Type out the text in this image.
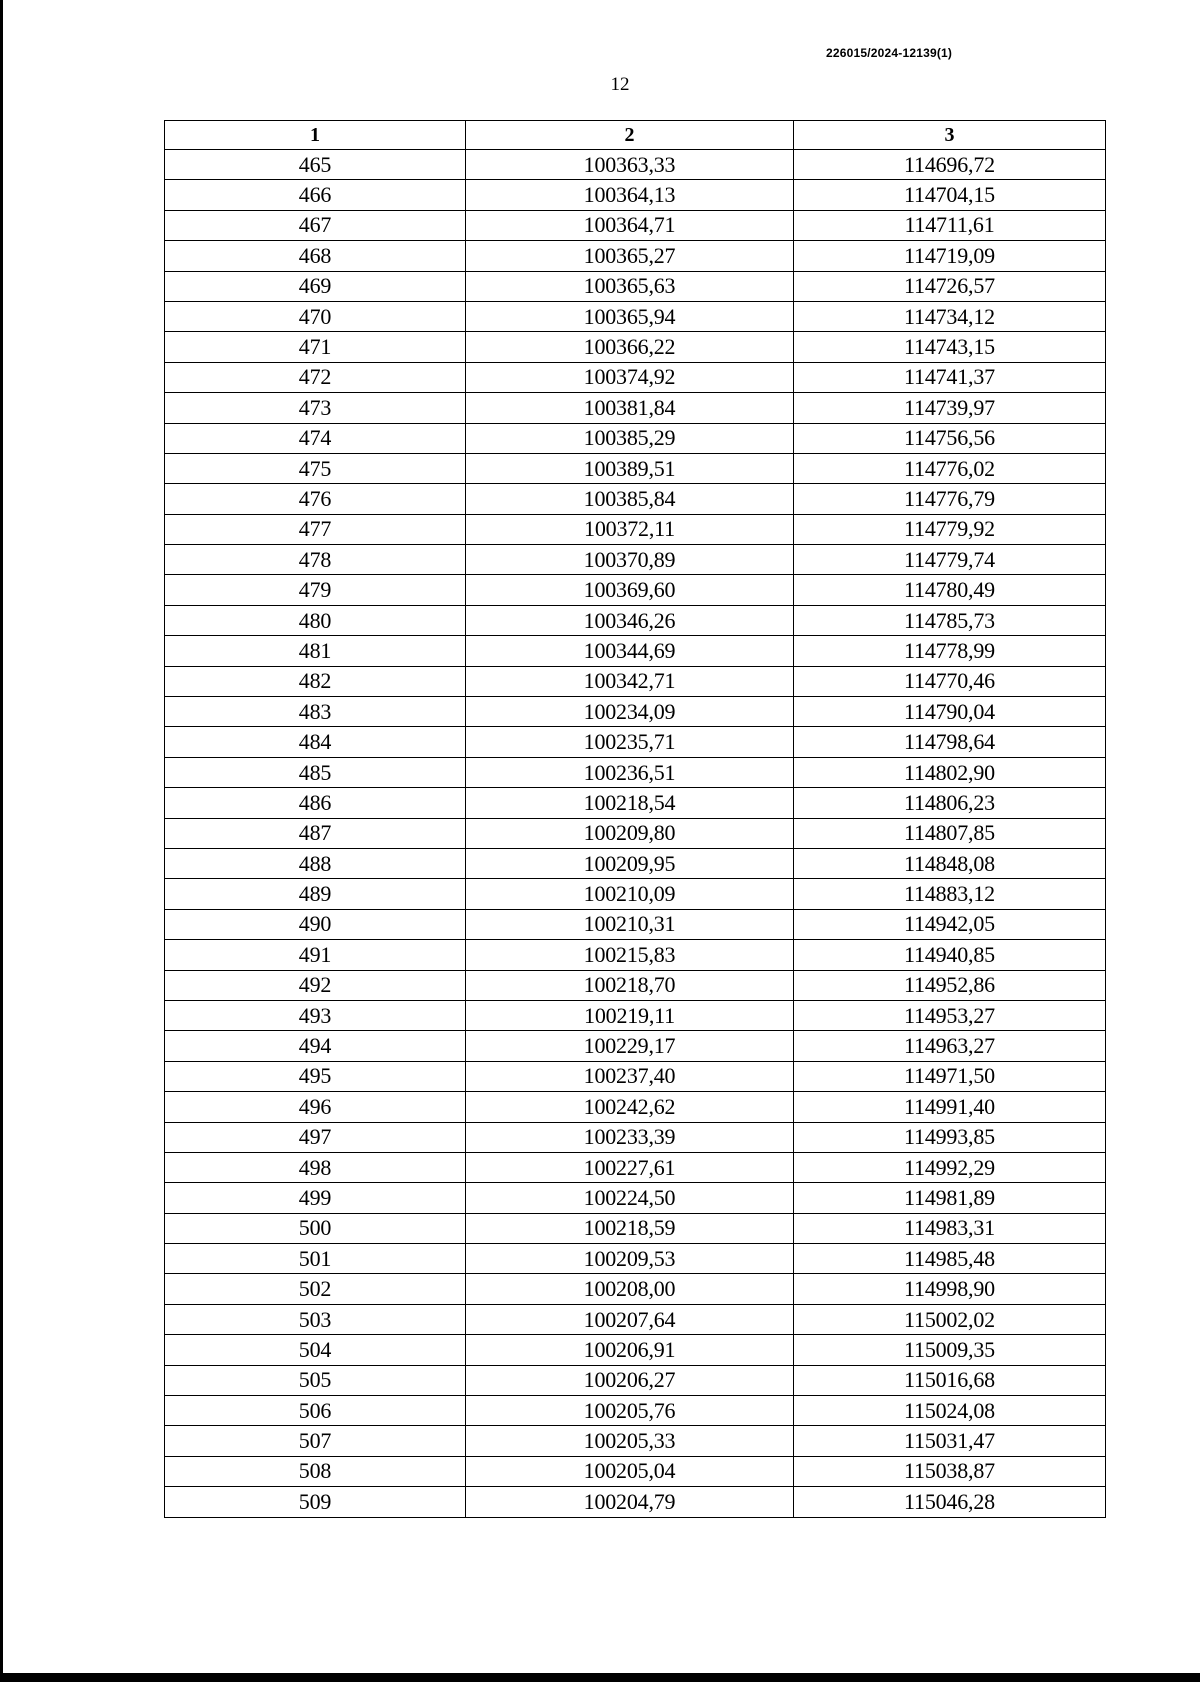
226015/2024-12139(1)
12
1	2	3
465	100363,33	114696,72
466	100364,13	114704,15
467	100364,71	114711,61
468	100365,27	114719,09
469	100365,63	114726,57
470	100365,94	114734,12
471	100366,22	114743,15
472	100374,92	114741,37
473	100381,84	114739,97
474	100385,29	114756,56
475	100389,51	114776,02
476	100385,84	114776,79
477	100372,11	114779,92
478	100370,89	114779,74
479	100369,60	114780,49
480	100346,26	114785,73
481	100344,69	114778,99
482	100342,71	114770,46
483	100234,09	114790,04
484	100235,71	114798,64
485	100236,51	114802,90
486	100218,54	114806,23
487	100209,80	114807,85
488	100209,95	114848,08
489	100210,09	114883,12
490	100210,31	114942,05
491	100215,83	114940,85
492	100218,70	114952,86
493	100219,11	114953,27
494	100229,17	114963,27
495	100237,40	114971,50
496	100242,62	114991,40
497	100233,39	114993,85
498	100227,61	114992,29
499	100224,50	114981,89
500	100218,59	114983,31
501	100209,53	114985,48
502	100208,00	114998,90
503	100207,64	115002,02
504	100206,91	115009,35
505	100206,27	115016,68
506	100205,76	115024,08
507	100205,33	115031,47
508	100205,04	115038,87
509	100204,79	115046,28
